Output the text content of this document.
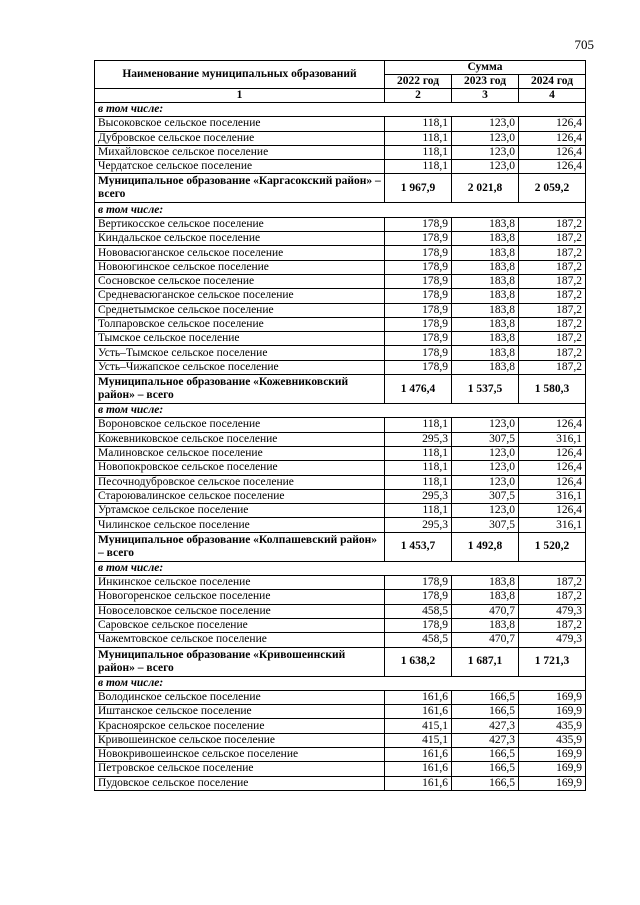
705
Наименование муниципальных образований	Сумма		
	2022 год	2023 год	2024 год
1	2	3	4
в том числе:			
Высоковское сельское поселение	118,1	123,0	126,4
Дубровское сельское поселение	118,1	123,0	126,4
Михайловское сельское поселение	118,1	123,0	126,4
Чердатское сельское поселение	118,1	123,0	126,4
Муниципальное образование «Каргасокский район» – всего	1 967,9	2 021,8	2 059,2
в том числе:			
Вертикосское сельское поселение	178,9	183,8	187,2
Киндальское сельское поселение	178,9	183,8	187,2
Нововасюганское сельское поселение	178,9	183,8	187,2
Новоюгинское сельское поселение	178,9	183,8	187,2
Сосновское сельское поселение	178,9	183,8	187,2
Средневасюганское сельское поселение	178,9	183,8	187,2
Среднетымское сельское поселение	178,9	183,8	187,2
Толпаровское сельское поселение	178,9	183,8	187,2
Тымское сельское поселение	178,9	183,8	187,2
Усть–Тымское сельское поселение	178,9	183,8	187,2
Усть–Чижапское сельское поселение	178,9	183,8	187,2
Муниципальное образование «Кожевниковский район» – всего	1 476,4	1 537,5	1 580,3
в том числе:			
Вороновское сельское поселение	118,1	123,0	126,4
Кожевниковское сельское поселение	295,3	307,5	316,1
Малиновское сельское поселение	118,1	123,0	126,4
Новопокровское сельское поселение	118,1	123,0	126,4
Песочнодубровское сельское поселение	118,1	123,0	126,4
Староювалинское сельское поселение	295,3	307,5	316,1
Уртамское сельское поселение	118,1	123,0	126,4
Чилинское сельское поселение	295,3	307,5	316,1
Муниципальное образование «Колпашевский район» – всего	1 453,7	1 492,8	1 520,2
в том числе:			
Инкинское сельское поселение	178,9	183,8	187,2
Новогоренское сельское поселение	178,9	183,8	187,2
Новоселовское сельское поселение	458,5	470,7	479,3
Саровское сельское поселение	178,9	183,8	187,2
Чажемтовское сельское поселение	458,5	470,7	479,3
Муниципальное образование «Кривошеинский район» – всего	1 638,2	1 687,1	1 721,3
в том числе:			
Володинское сельское поселение	161,6	166,5	169,9
Иштанское сельское поселение	161,6	166,5	169,9
Красноярское сельское поселение	415,1	427,3	435,9
Кривошеинское сельское поселение	415,1	427,3	435,9
Новокривошеинское сельское поселение	161,6	166,5	169,9
Петровское сельское поселение	161,6	166,5	169,9
Пудовское сельское поселение	161,6	166,5	169,9
